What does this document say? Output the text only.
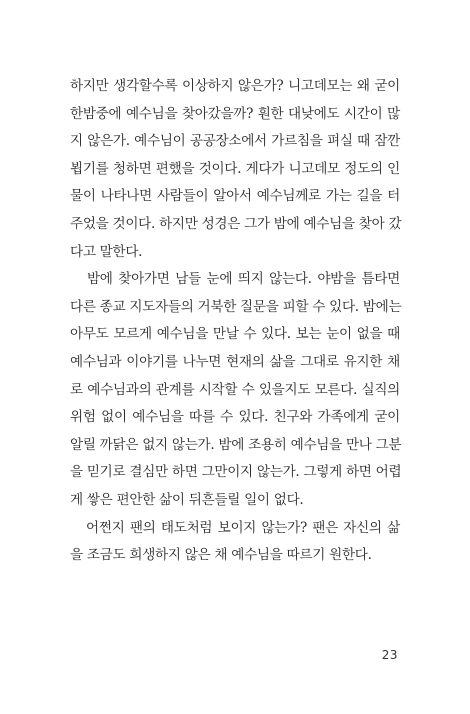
하지만 생각할수록 이상하지 않은가? 니고데모는 왜 굳이
한밤중에 예수님을 찾아갔을까? 훤한 대낮에도 시간이 많
지 않은가. 예수님이 공공장소에서 가르침을 펴실 때 잠깐
뵙기를 청하면 편했을 것이다. 게다가 니고데모 정도의 인
물이 나타나면 사람들이 알아서 예수님께로 가는 길을 터
주었을 것이다. 하지만 성경은 그가 밤에 예수님을 찾아 갔
다고 말한다.
밤에 찾아가면 남들 눈에 띄지 않는다. 야밤을 틈타면
다른 종교 지도자들의 거북한 질문을 피할 수 있다. 밤에는
아무도 모르게 예수님을 만날 수 있다. 보는 눈이 없을 때
예수님과 이야기를 나누면 현재의 삶을 그대로 유지한 채
로 예수님과의 관계를 시작할 수 있을지도 모른다. 실직의
위험 없이 예수님을 따를 수 있다. 친구와 가족에게 굳이
알릴 까닭은 없지 않는가. 밤에 조용히 예수님을 만나 그분
을 믿기로 결심만 하면 그만이지 않는가. 그렇게 하면 어렵
게 쌓은 편안한 삶이 뒤흔들릴 일이 없다.
어쩐지 팬의 태도처럼 보이지 않는가? 팬은 자신의 삶
을 조금도 희생하지 않은 채 예수님을 따르기 원한다.
23
